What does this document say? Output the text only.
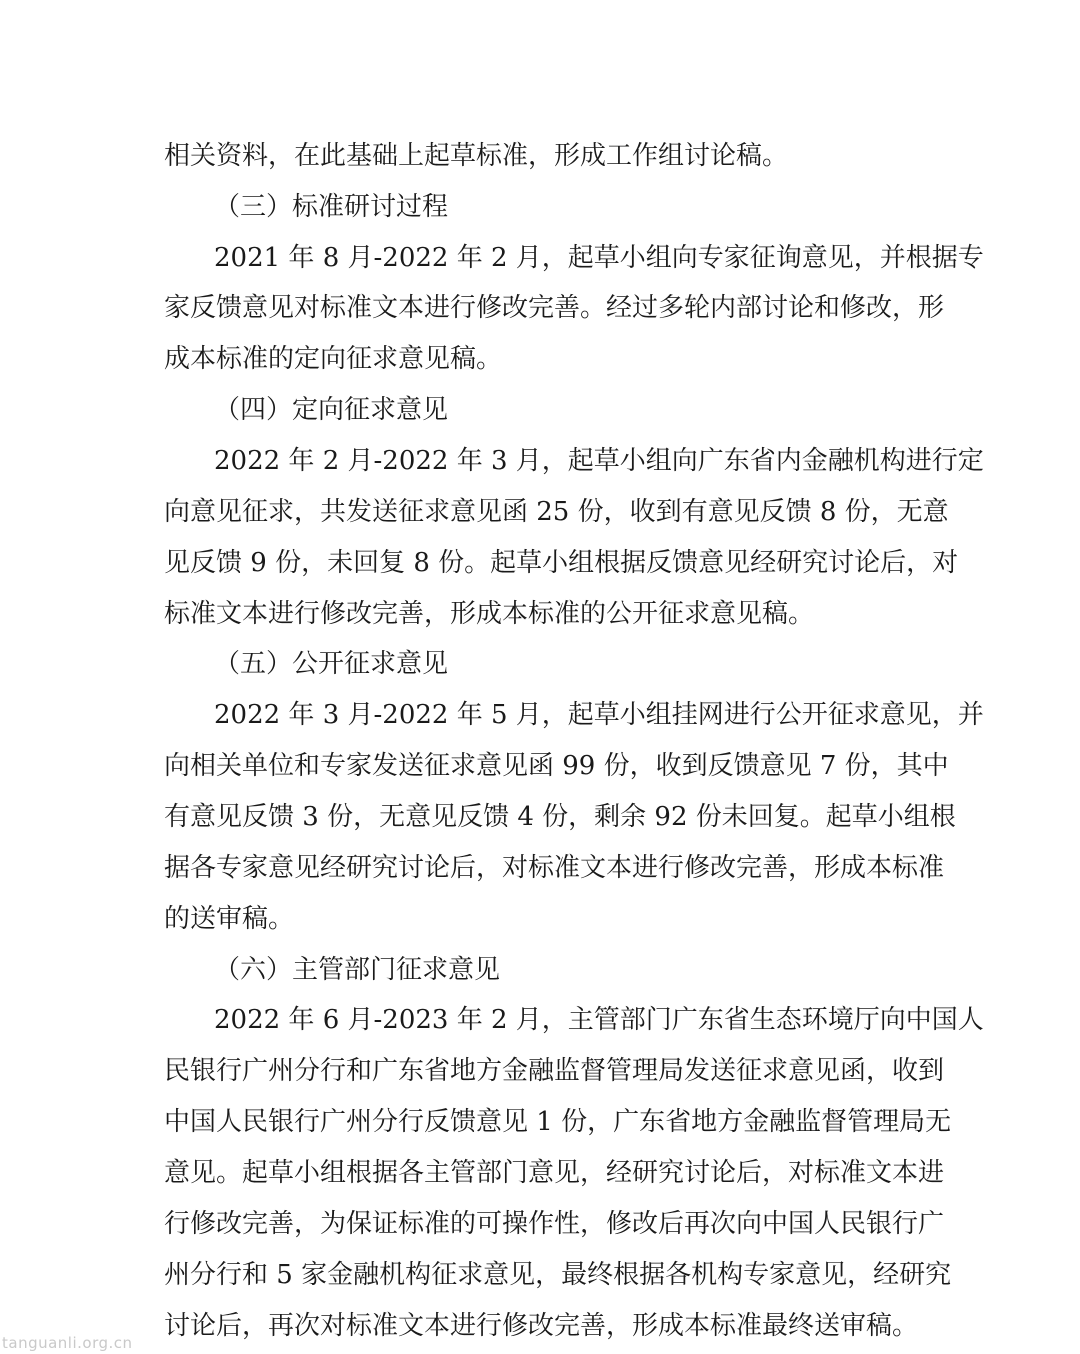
相关资料，在此基础上起草标准，形成工作组讨论稿。
（三）标准研讨过程
2021 年 8 月-2022 年 2 月，起草小组向专家征询意见，并根据专
家反馈意见对标准文本进行修改完善。经过多轮内部讨论和修改，形
成本标准的定向征求意见稿。
（四）定向征求意见
2022 年 2 月-2022 年 3 月，起草小组向广东省内金融机构进行定
向意见征求，共发送征求意见函 25 份，收到有意见反馈 8 份，无意
见反馈 9 份，未回复 8 份。起草小组根据反馈意见经研究讨论后，对
标准文本进行修改完善，形成本标准的公开征求意见稿。
（五）公开征求意见
2022 年 3 月-2022 年 5 月，起草小组挂网进行公开征求意见，并
向相关单位和专家发送征求意见函 99 份，收到反馈意见 7 份，其中
有意见反馈 3 份，无意见反馈 4 份，剩余 92 份未回复。起草小组根
据各专家意见经研究讨论后，对标准文本进行修改完善，形成本标准
的送审稿。
（六）主管部门征求意见
2022 年 6 月-2023 年 2 月，主管部门广东省生态环境厅向中国人
民银行广州分行和广东省地方金融监督管理局发送征求意见函，收到
中国人民银行广州分行反馈意见 1 份，广东省地方金融监督管理局无
意见。起草小组根据各主管部门意见，经研究讨论后，对标准文本进
行修改完善，为保证标准的可操作性，修改后再次向中国人民银行广
州分行和 5 家金融机构征求意见，最终根据各机构专家意见，经研究
讨论后，再次对标准文本进行修改完善，形成本标准最终送审稿。
tanguanli.org.cn
